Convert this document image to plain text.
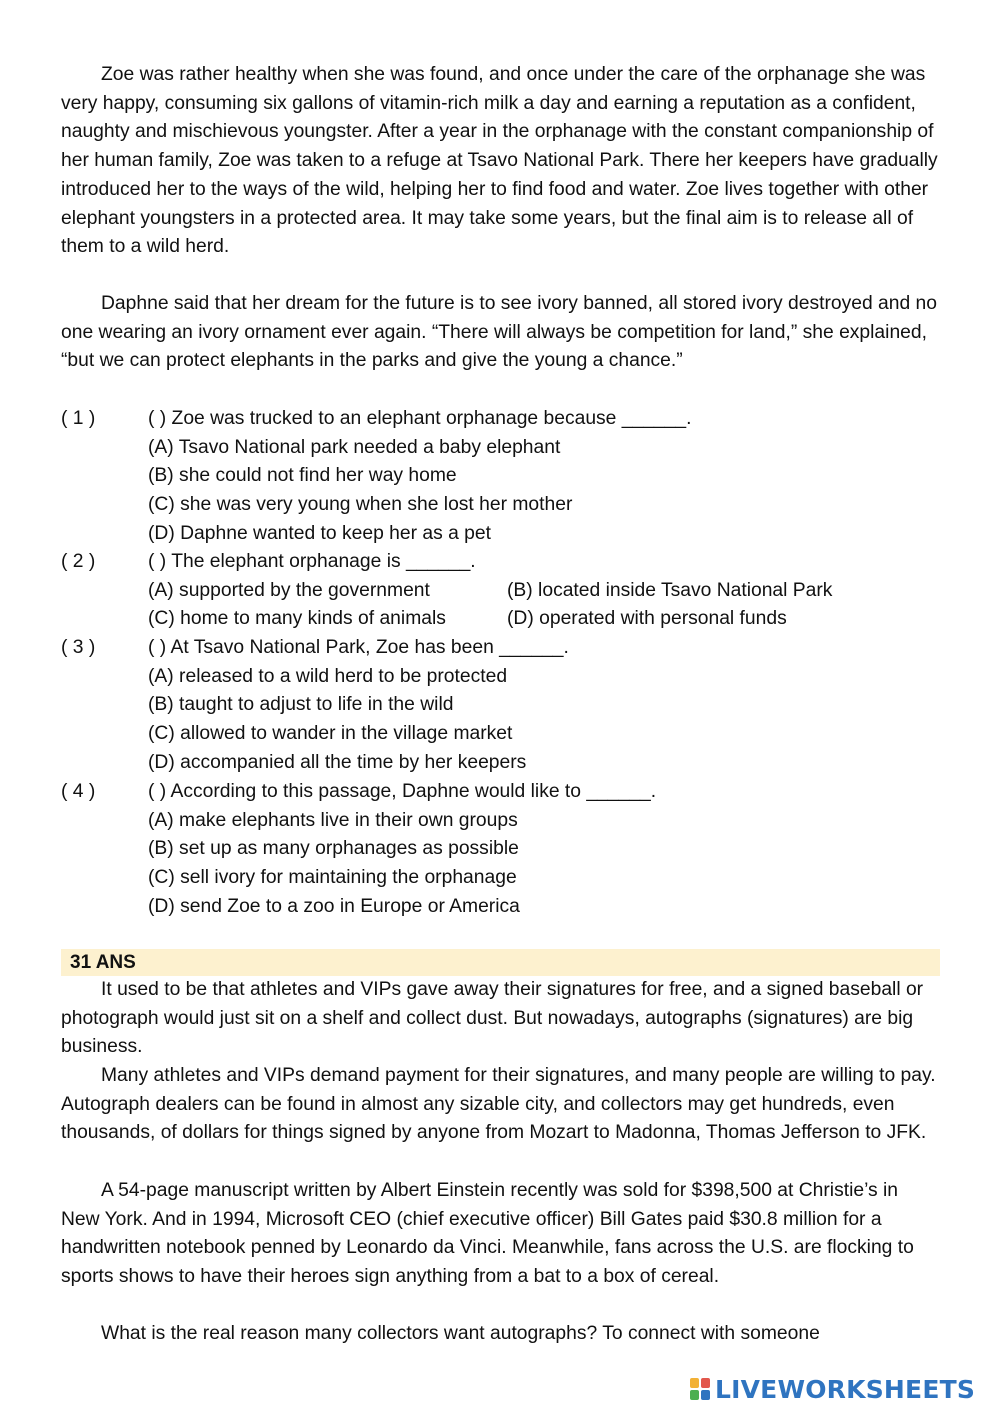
Zoe was rather healthy when she was found, and once under the care of the orphanage she was very happy, consuming six gallons of vitamin-rich milk a day and earning a reputation as a confident, naughty and mischievous youngster. After a year in the orphanage with the constant companionship of her human family, Zoe was taken to a refuge at Tsavo National Park. There her keepers have gradually introduced her to the ways of the wild, helping her to find food and water. Zoe lives together with other elephant youngsters in a protected area. It may take some years, but the final aim is to release all of them to a wild herd.

Daphne said that her dream for the future is to see ivory banned, all stored ivory destroyed and no one wearing an ivory ornament ever again. “There will always be competition for land,” she explained, “but we can protect elephants in the parks and give the young a chance.”

( 1 )	( ) Zoe was trucked to an elephant orphanage because ______.
(A) Tsavo National park needed a baby elephant
(B) she could not find her way home
(C) she was very young when she lost her mother
(D) Daphne wanted to keep her as a pet
( 2 )	( ) The elephant orphanage is ______.
(A) supported by the government	(B) located inside Tsavo National Park
(C) home to many kinds of animals	(D) operated with personal funds
( 3 )	( ) At Tsavo National Park, Zoe has been ______.
(A) released to a wild herd to be protected
(B) taught to adjust to life in the wild
(C) allowed to wander in the village market
(D) accompanied all the time by her keepers
( 4 )	( ) According to this passage, Daphne would like to ______.
(A) make elephants live in their own groups
(B) set up as many orphanages as possible
(C) sell ivory for maintaining the orphanage
(D) send Zoe to a zoo in Europe or America
31 ANS

It used to be that athletes and VIPs gave away their signatures for free, and a signed baseball or photograph would just sit on a shelf and collect dust. But nowadays, autographs (signatures) are big business.

Many athletes and VIPs demand payment for their signatures, and many people are willing to pay. Autograph dealers can be found in almost any sizable city, and collectors may get hundreds, even thousands, of dollars for things signed by anyone from Mozart to Madonna, Thomas Jefferson to JFK.

A 54-page manuscript written by Albert Einstein recently was sold for $398,500 at Christie’s in New York. And in 1994, Microsoft CEO (chief executive officer) Bill Gates paid $30.8 million for a handwritten notebook penned by Leonardo da Vinci. Meanwhile, fans across the U.S. are flocking to sports shows to have their heroes sign anything from a bat to a box of cereal.

What is the real reason many collectors want autographs? To connect with someone

LIVEWORKSHEETS
